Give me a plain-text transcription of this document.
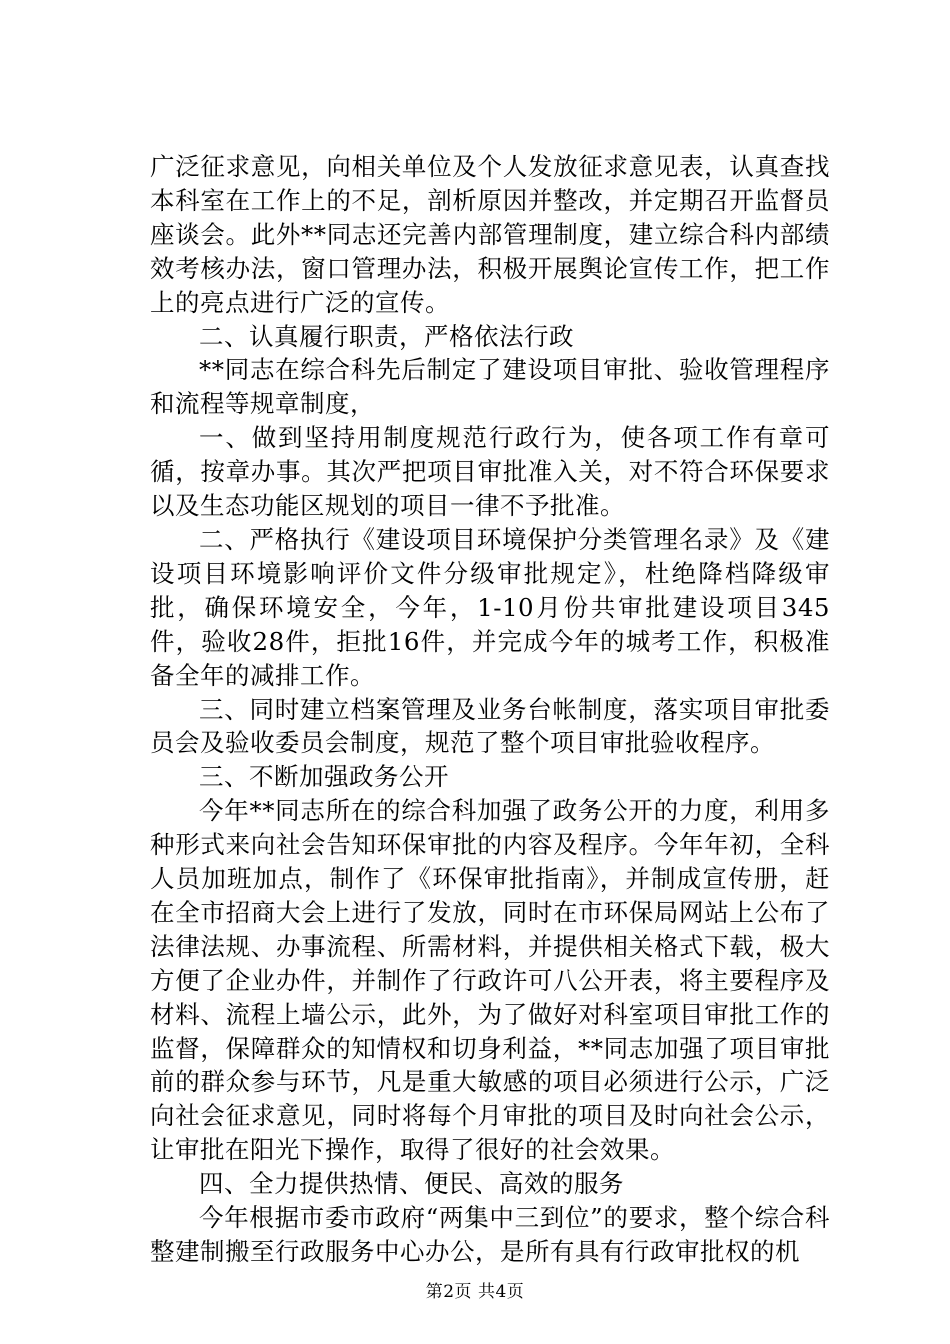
广泛征求意见，向相关单位及个人发放征求意见表，认真查找本科室在工作上的不足，剖析原因并整改，并定期召开监督员座谈会。此外**同志还完善内部管理制度，建立综合科内部绩效考核办法，窗口管理办法，积极开展舆论宣传工作，把工作上的亮点进行广泛的宣传。

二、认真履行职责，严格依法行政

**同志在综合科先后制定了建设项目审批、验收管理程序和流程等规章制度，

一、做到坚持用制度规范行政行为，使各项工作有章可循，按章办事。其次严把项目审批准入关，对不符合环保要求以及生态功能区规划的项目一律不予批准。

二、严格执行《建设项目环境保护分类管理名录》及《建设项目环境影响评价文件分级审批规定》，杜绝降档降级审批，确保环境安全，今年，1-10月份共审批建设项目345件，验收28件，拒批16件，并完成今年的城考工作，积极准备全年的减排工作。

三、同时建立档案管理及业务台帐制度，落实项目审批委员会及验收委员会制度，规范了整个项目审批验收程序。

三、不断加强政务公开

今年**同志所在的综合科加强了政务公开的力度，利用多种形式来向社会告知环保审批的内容及程序。今年年初，全科人员加班加点，制作了《环保审批指南》，并制成宣传册，赶在全市招商大会上进行了发放，同时在市环保局网站上公布了法律法规、办事流程、所需材料，并提供相关格式下载，极大方便了企业办件，并制作了行政许可八公开表，将主要程序及材料、流程上墙公示，此外，为了做好对科室项目审批工作的监督，保障群众的知情权和切身利益，**同志加强了项目审批前的群众参与环节，凡是重大敏感的项目必须进行公示，广泛向社会征求意见，同时将每个月审批的项目及时向社会公示，让审批在阳光下操作，取得了很好的社会效果。

四、全力提供热情、便民、高效的服务

今年根据市委市政府“两集中三到位”的要求，整个综合科整建制搬至行政服务中心办公，是所有具有行政审批权的机

第2页 共4页
